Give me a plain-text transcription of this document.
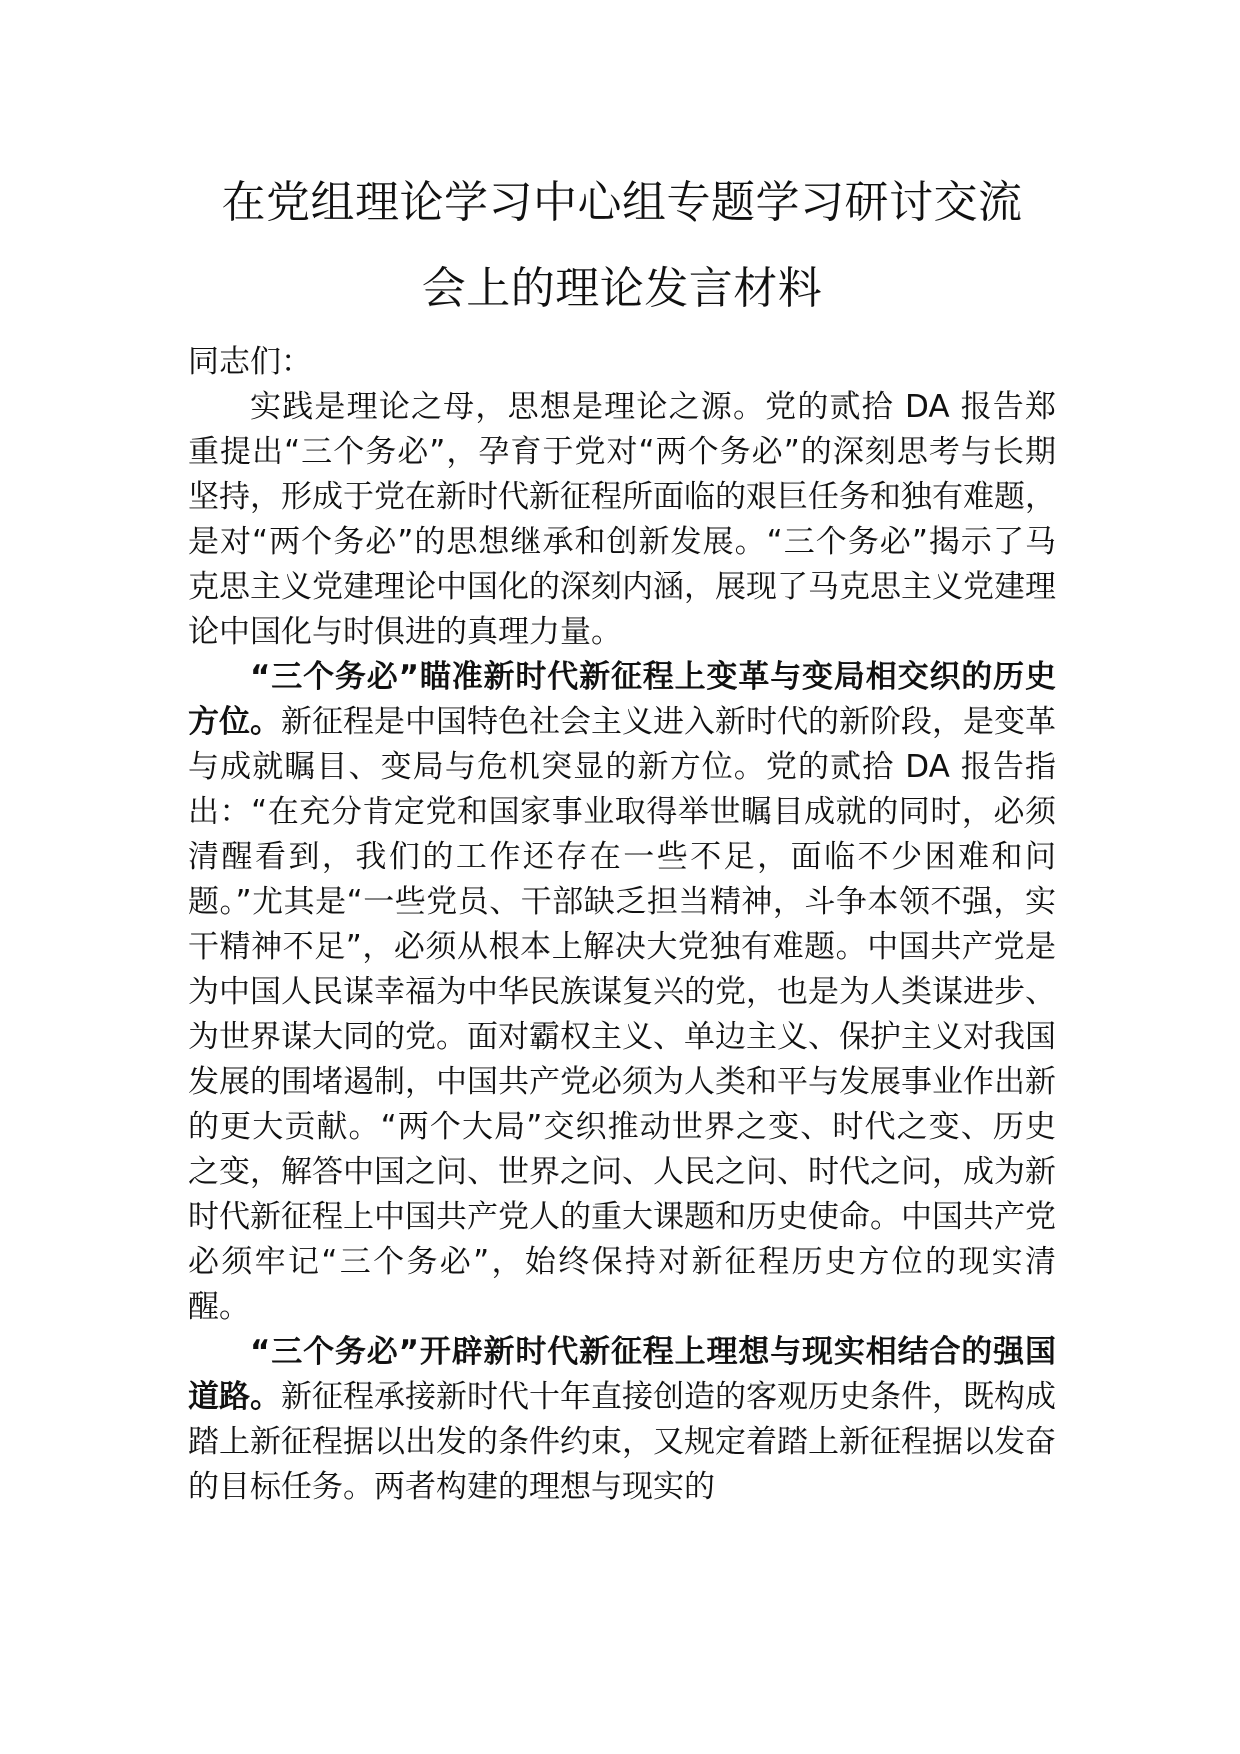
在党组理论学习中心组专题学习研讨交流
会上的理论发言材料

同志们：

实践是理论之母，思想是理论之源。党的贰拾 DA 报告郑重提出“三个务必”，孕育于党对“两个务必”的深刻思考与长期坚持，形成于党在新时代新征程所面临的艰巨任务和独有难题，是对“两个务必”的思想继承和创新发展。“三个务必”揭示了马克思主义党建理论中国化的深刻内涵，展现了马克思主义党建理论中国化与时俱进的真理力量。

“三个务必”瞄准新时代新征程上变革与变局相交织的历史方位。新征程是中国特色社会主义进入新时代的新阶段，是变革与成就瞩目、变局与危机突显的新方位。党的贰拾 DA 报告指出：“在充分肯定党和国家事业取得举世瞩目成就的同时，必须清醒看到，我们的工作还存在一些不足，面临不少困难和问题。”尤其是“一些党员、干部缺乏担当精神，斗争本领不强，实干精神不足”，必须从根本上解决大党独有难题。中国共产党是为中国人民谋幸福为中华民族谋复兴的党，也是为人类谋进步、为世界谋大同的党。面对霸权主义、单边主义、保护主义对我国发展的围堵遏制，中国共产党必须为人类和平与发展事业作出新的更大贡献。“两个大局”交织推动世界之变、时代之变、历史之变，解答中国之问、世界之问、人民之问、时代之问，成为新时代新征程上中国共产党人的重大课题和历史使命。中国共产党必须牢记“三个务必”，始终保持对新征程历史方位的现实清醒。

“三个务必”开辟新时代新征程上理想与现实相结合的强国道路。新征程承接新时代十年直接创造的客观历史条件，既构成踏上新征程据以出发的条件约束，又规定着踏上新征程据以发奋的目标任务。两者构建的理想与现实的
